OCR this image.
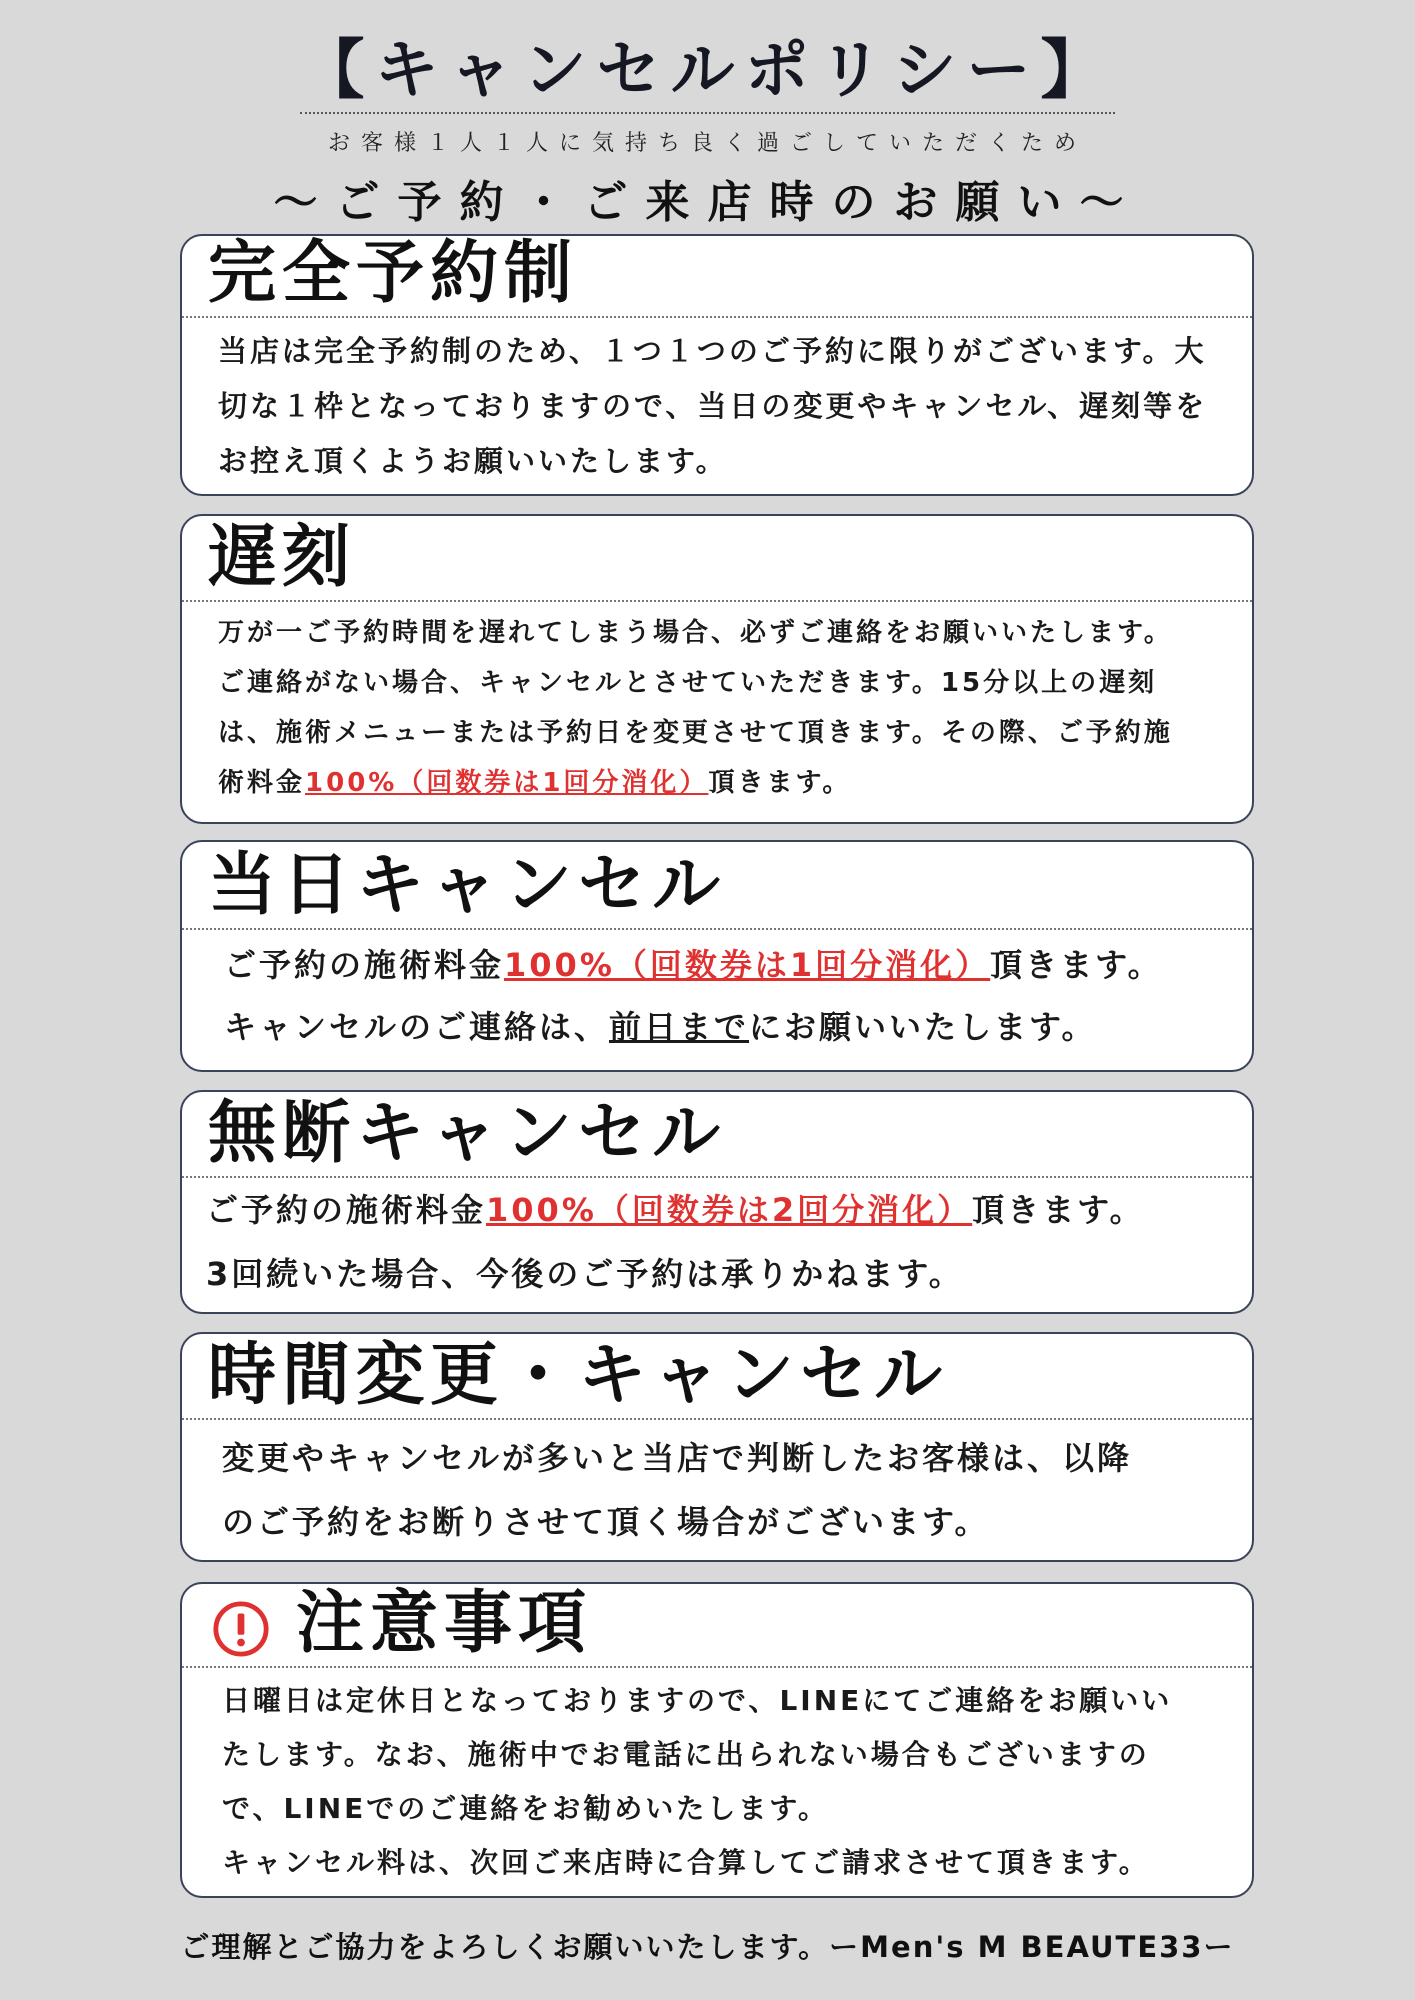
【キャンセルポリシー】
お客様１人１人に気持ち良く過ごしていただくため
〜ご予約・ご来店時のお願い〜
完全予約制
当店は完全予約制のため、１つ１つのご予約に限りがございます。大
切な１枠となっておりますので、当日の変更やキャンセル、遅刻等を
お控え頂くようお願いいたします。
遅刻
万が一ご予約時間を遅れてしまう場合、必ずご連絡をお願いいたします。
ご連絡がない場合、キャンセルとさせていただきます。15分以上の遅刻
は、施術メニューまたは予約日を変更させて頂きます。その際、ご予約施
術料金100%（回数券は1回分消化）頂きます。
当日キャンセル
ご予約の施術料金100%（回数券は1回分消化）頂きます。
キャンセルのご連絡は、前日までにお願いいたします。
無断キャンセル
ご予約の施術料金100%（回数券は2回分消化）頂きます。
3回続いた場合、今後のご予約は承りかねます。
時間変更・キャンセル
変更やキャンセルが多いと当店で判断したお客様は、以降
のご予約をお断りさせて頂く場合がございます。
注意事項
日曜日は定休日となっておりますので、LINEにてご連絡をお願いい
たします。なお、施術中でお電話に出られない場合もございますの
で、LINEでのご連絡をお勧めいたします。
キャンセル料は、次回ご来店時に合算してご請求させて頂きます。
ご理解とご協力をよろしくお願いいたします。ーMen's M BEAUTE33ー
